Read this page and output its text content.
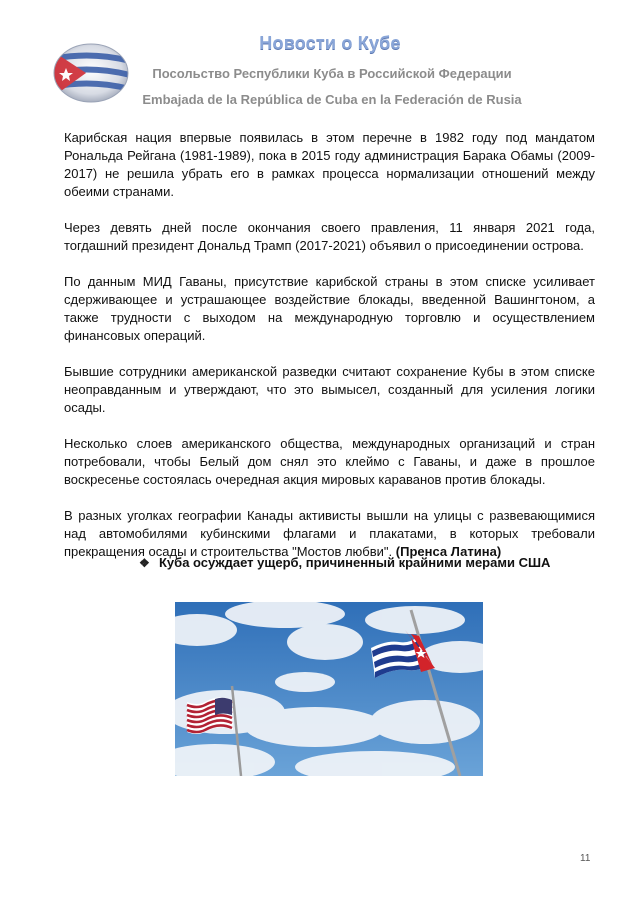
Новости о Кубе
Посольство Республики Куба в Российской Федерации
Embajada de la República de Cuba en la Federación de Rusia

Карибская нация впервые появилась в этом перечне в 1982 году под мандатом Рональда Рейгана (1981-1989), пока в 2015 году администрация Барака Обамы (2009-2017) не решила убрать его в рамках процесса нормализации отношений между обеими странами.

Через девять дней после окончания своего правления, 11 января 2021 года, тогдашний президент Дональд Трамп (2017-2021) объявил о присоединении острова.

По данным МИД Гаваны, присутствие карибской страны в этом списке усиливает сдерживающее и устрашающее воздействие блокады, введенной Вашингтоном, а также трудности с выходом на международную торговлю и осуществлением финансовых операций.

Бывшие сотрудники американской разведки считают сохранение Кубы в этом списке неоправданным и утверждают, что это вымысел, созданный для усиления логики осады.

Несколько слоев американского общества, международных организаций и стран потребовали, чтобы Белый дом снял это клеймо с Гаваны, и даже в прошлое воскресенье состоялась очередная акция мировых караванов против блокады.

В разных уголках географии Канады активисты вышли на улицы с развевающимися над автомобилями кубинскими флагами и плакатами, в которых требовали прекращения осады и строительства "Мостов любви". (Пренса Латина)

❖ Куба осуждает ущерб, причиненный крайними мерами США
11
